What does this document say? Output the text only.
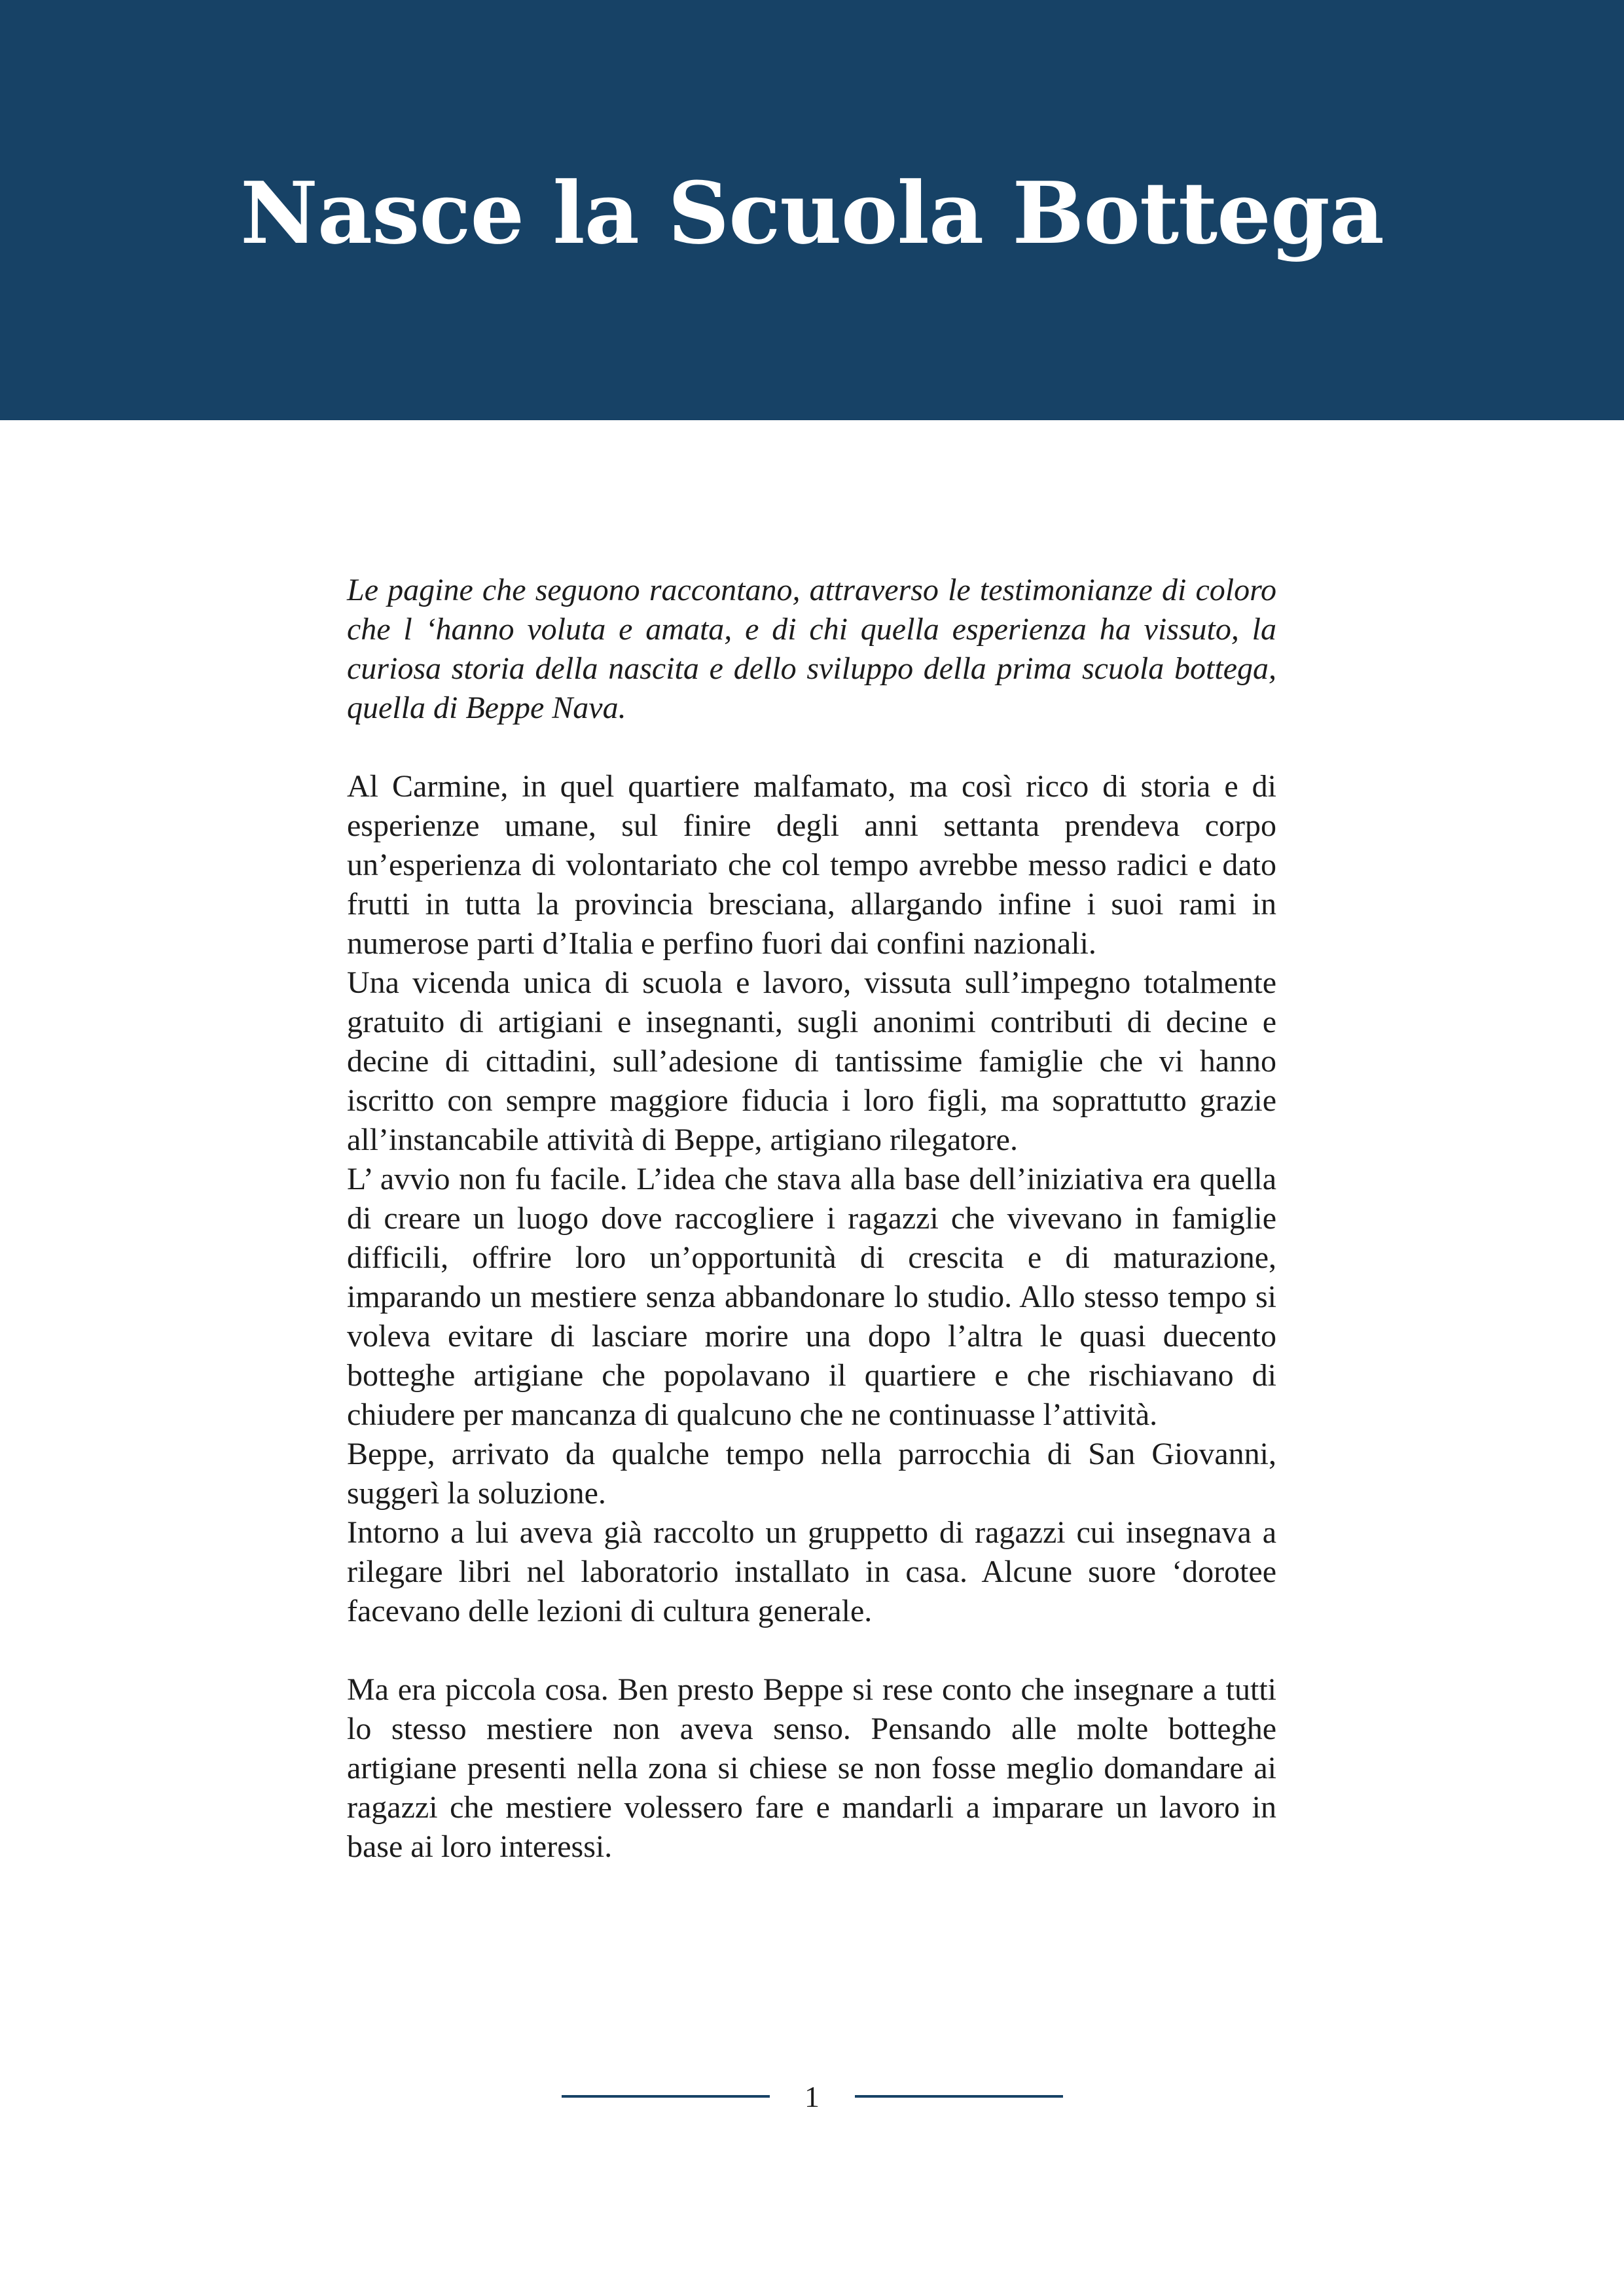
Nasce la Scuola Bottega

Le pagine che seguono raccontano, attraverso le testimonianze di coloro che l ‘hanno voluta e amata, e di chi quella esperienza ha vissuto, la curiosa storia della nascita e dello sviluppo della prima scuola bottega, quella di Beppe Nava.

Al Carmine, in quel quartiere malfamato, ma così ricco di storia e di esperienze umane, sul finire degli anni settanta prendeva corpo un’esperienza di volontariato che col tempo avrebbe messo radici e dato frutti in tutta la provincia bresciana, allargando infine i suoi rami in numerose parti d’Italia e perfino fuori dai confini nazionali.

Una vicenda unica di scuola e lavoro, vissuta sull’impegno totalmente gratuito di artigiani e insegnanti, sugli anonimi contributi di decine e decine di cittadini, sull’adesione di tantissime famiglie che vi hanno iscritto con sempre maggiore fiducia i loro figli, ma soprattutto grazie all’instancabile attività di Beppe, artigiano rilegatore.

L’ avvio non fu facile. L’idea che stava alla base dell’iniziativa era quella di creare un luogo dove raccogliere i ragazzi che vivevano in famiglie difficili, offrire loro un’opportunità di crescita e di maturazione, imparando un mestiere senza abbandonare lo studio. Allo stesso tempo si voleva evitare di lasciare morire una dopo l’altra le quasi duecento botteghe artigiane che popolavano il quartiere e che rischiavano di chiudere per mancanza di qualcuno che ne continuasse l’attività.

Beppe, arrivato da qualche tempo nella parrocchia di San Giovanni, suggerì la soluzione.

Intorno a lui aveva già raccolto un gruppetto di ragazzi cui insegnava a rilegare libri nel laboratorio installato in casa. Alcune suore ‘dorotee facevano delle lezioni di cultura generale.

Ma era piccola cosa. Ben presto Beppe si rese conto che insegnare a tutti lo stesso mestiere non aveva senso. Pensando alle molte botteghe artigiane presenti nella zona si chiese se non fosse meglio domandare ai ragazzi che mestiere volessero fare e mandarli a imparare un lavoro in base ai loro interessi.

1
